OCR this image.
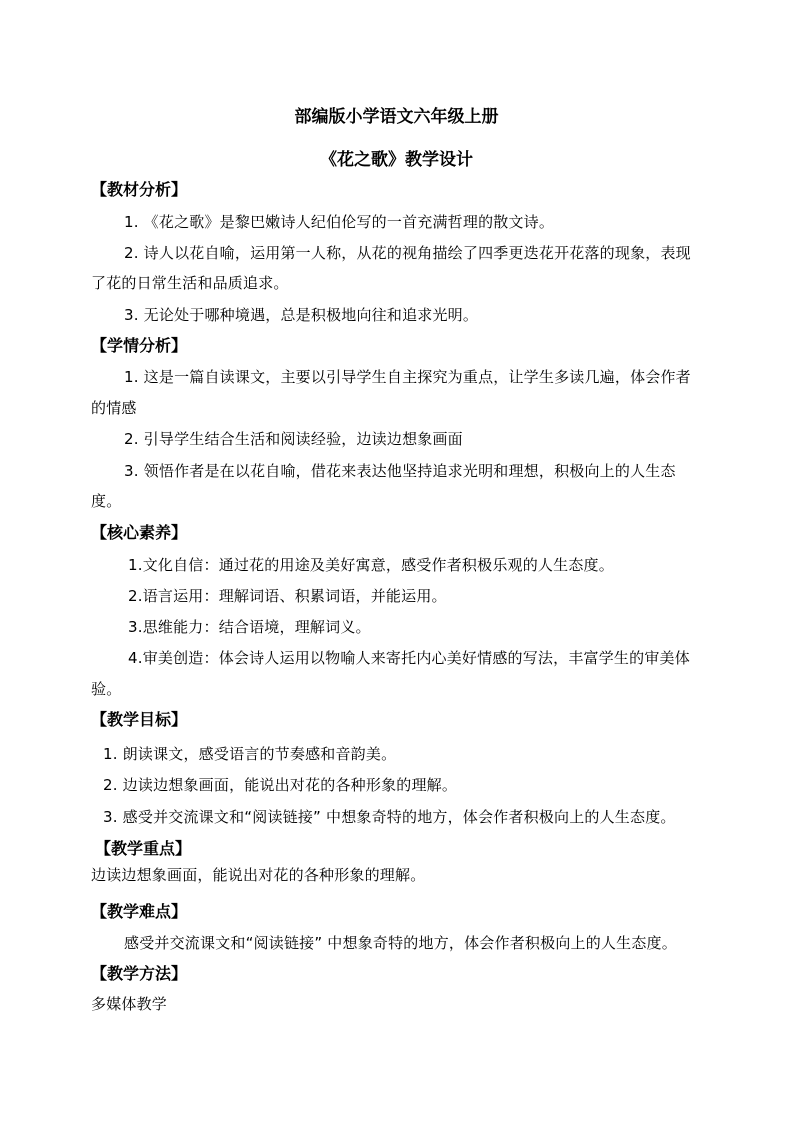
部编版小学语文六年级上册
《花之歌》教学设计
【教材分析】
1. 《花之歌》是黎巴嫩诗人纪伯伦写的一首充满哲理的散文诗。
2. 诗人以花自喻，运用第一人称，从花的视角描绘了四季更迭花开花落的现象，表现
了花的日常生活和品质追求。
3. 无论处于哪种境遇，总是积极地向往和追求光明。
【学情分析】
1. 这是一篇自读课文，主要以引导学生自主探究为重点，让学生多读几遍，体会作者
的情感
2. 引导学生结合生活和阅读经验，边读边想象画面
3. 领悟作者是在以花自喻，借花来表达他坚持追求光明和理想，积极向上的人生态
度。
【核心素养】
1.文化自信：通过花的用途及美好寓意，感受作者积极乐观的人生态度。
2.语言运用：理解词语、积累词语，并能运用。
3.思维能力：结合语境，理解词义。
4.审美创造：体会诗人运用以物喻人来寄托内心美好情感的写法，丰富学生的审美体
验。
【教学目标】
1. 朗读课文，感受语言的节奏感和音韵美。
2. 边读边想象画面，能说出对花的各种形象的理解。
3. 感受并交流课文和“阅读链接” 中想象奇特的地方，体会作者积极向上的人生态度。
【教学重点】
边读边想象画面，能说出对花的各种形象的理解。
【教学难点】
感受并交流课文和“阅读链接” 中想象奇特的地方，体会作者积极向上的人生态度。
【教学方法】
多媒体教学
